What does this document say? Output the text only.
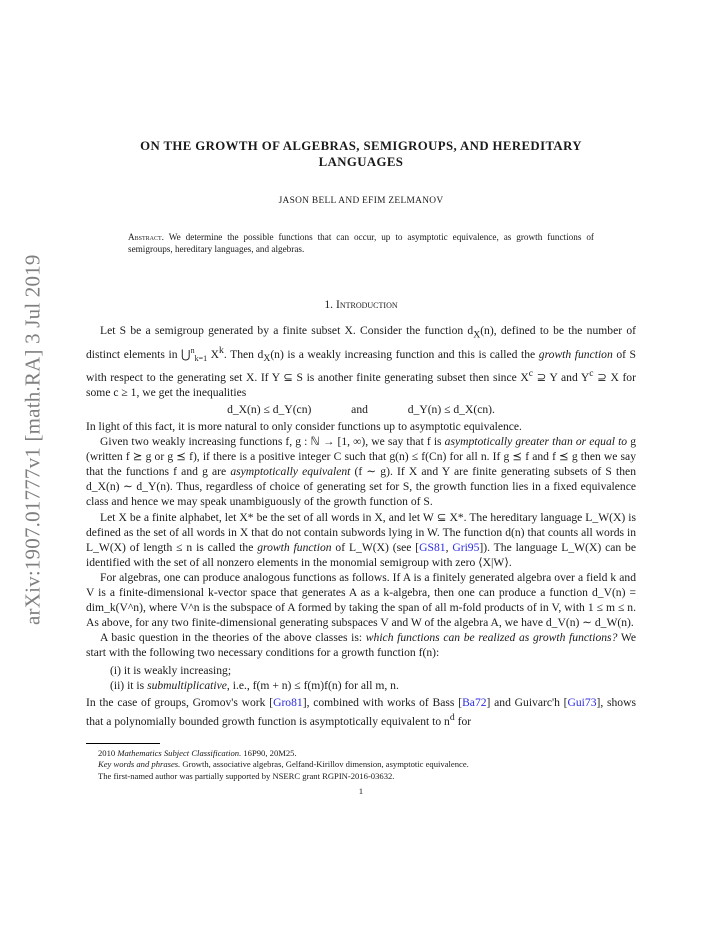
arXiv:1907.01777v1 [math.RA] 3 Jul 2019
ON THE GROWTH OF ALGEBRAS, SEMIGROUPS, AND HEREDITARY LANGUAGES
JASON BELL AND EFIM ZELMANOV
Abstract. We determine the possible functions that can occur, up to asymptotic equivalence, as growth functions of semigroups, hereditary languages, and algebras.
1. Introduction

Let S be a semigroup generated by a finite subset X. Consider the function $d_X(n)$, defined to be the number of distinct elements in ⋃$^n_{k=1}$ $X^k$. Then $d_X(n)$ is a weakly increasing function and this is called the growth function of S with respect to the generating set X. If Y ⊆ S is another finite generating subset then since $X^c$ ⊇ Y and $Y^c$ ⊇ X for some c ≥ 1, we get the inequalities

d_X(n) ≤ d_Y(cn)	and	d_Y(n) ≤ d_X(cn).

In light of this fact, it is more natural to only consider functions up to asymptotic equivalence.

Given two weakly increasing functions f, g : ℕ → [1, ∞), we say that f is asymptotically greater than or equal to g (written f ⪰ g or g ⪯ f), if there is a positive integer C such that g(n) ≤ f(Cn) for all n. If g ⪯ f and f ⪯ g then we say that the functions f and g are asymptotically equivalent (f ∼ g). If X and Y are finite generating subsets of S then d_X(n) ∼ d_Y(n). Thus, regardless of choice of generating set for S, the growth function lies in a fixed equivalence class and hence we may speak unambiguously of the growth function of S.

Let X be a finite alphabet, let X* be the set of all words in X, and let W ⊆ X*. The hereditary language L_W(X) is defined as the set of all words in X that do not contain subwords lying in W. The function d(n) that counts all words in L_W(X) of length ≤ n is called the growth function of L_W(X) (see [GS81, Gri95]). The language L_W(X) can be identified with the set of all nonzero elements in the monomial semigroup with zero ⟨X|W⟩.

For algebras, one can produce analogous functions as follows. If A is a finitely generated algebra over a field k and V is a finite-dimensional k-vector space that generates A as a k-algebra, then one can produce a function d_V(n) = dim_k(V^n), where V^n is the subspace of A formed by taking the span of all m-fold products of in V, with 1 ≤ m ≤ n. As above, for any two finite-dimensional generating subspaces V and W of the algebra A, we have d_V(n) ∼ d_W(n).

A basic question in the theories of the above classes is: which functions can be realized as growth functions? We start with the following two necessary conditions for a growth function f(n):

(i) it is weakly increasing;
(ii) it is submultiplicative, i.e., f(m + n) ≤ f(m)f(n) for all m, n.

In the case of groups, Gromov's work [Gro81], combined with works of Bass [Ba72] and Guivarc'h [Gui73], shows that a polynomially bounded growth function is asymptotically equivalent to $n^d$ for

2010 Mathematics Subject Classification. 16P90, 20M25.

Key words and phrases. Growth, associative algebras, Gelfand-Kirillov dimension, asymptotic equivalence.

The first-named author was partially supported by NSERC grant RGPIN-2016-03632.

1
